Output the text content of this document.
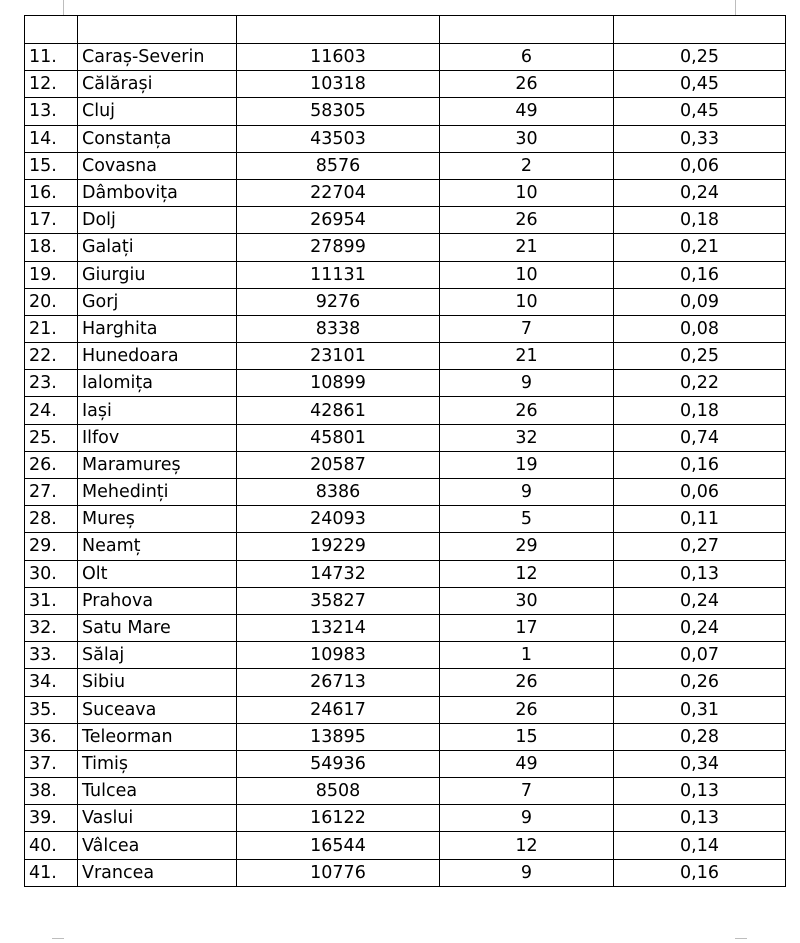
11.	Caraș-Severin	11603	6	0,25
12.	Călărași	10318	26	0,45
13.	Cluj	58305	49	0,45
14.	Constanța	43503	30	0,33
15.	Covasna	8576	2	0,06
16.	Dâmbovița	22704	10	0,24
17.	Dolj	26954	26	0,18
18.	Galați	27899	21	0,21
19.	Giurgiu	11131	10	0,16
20.	Gorj	9276	10	0,09
21.	Harghita	8338	7	0,08
22.	Hunedoara	23101	21	0,25
23.	Ialomița	10899	9	0,22
24.	Iași	42861	26	0,18
25.	Ilfov	45801	32	0,74
26.	Maramureș	20587	19	0,16
27.	Mehedinți	8386	9	0,06
28.	Mureș	24093	5	0,11
29.	Neamț	19229	29	0,27
30.	Olt	14732	12	0,13
31.	Prahova	35827	30	0,24
32.	Satu Mare	13214	17	0,24
33.	Sălaj	10983	1	0,07
34.	Sibiu	26713	26	0,26
35.	Suceava	24617	26	0,31
36.	Teleorman	13895	15	0,28
37.	Timiș	54936	49	0,34
38.	Tulcea	8508	7	0,13
39.	Vaslui	16122	9	0,13
40.	Vâlcea	16544	12	0,14
41.	Vrancea	10776	9	0,16
